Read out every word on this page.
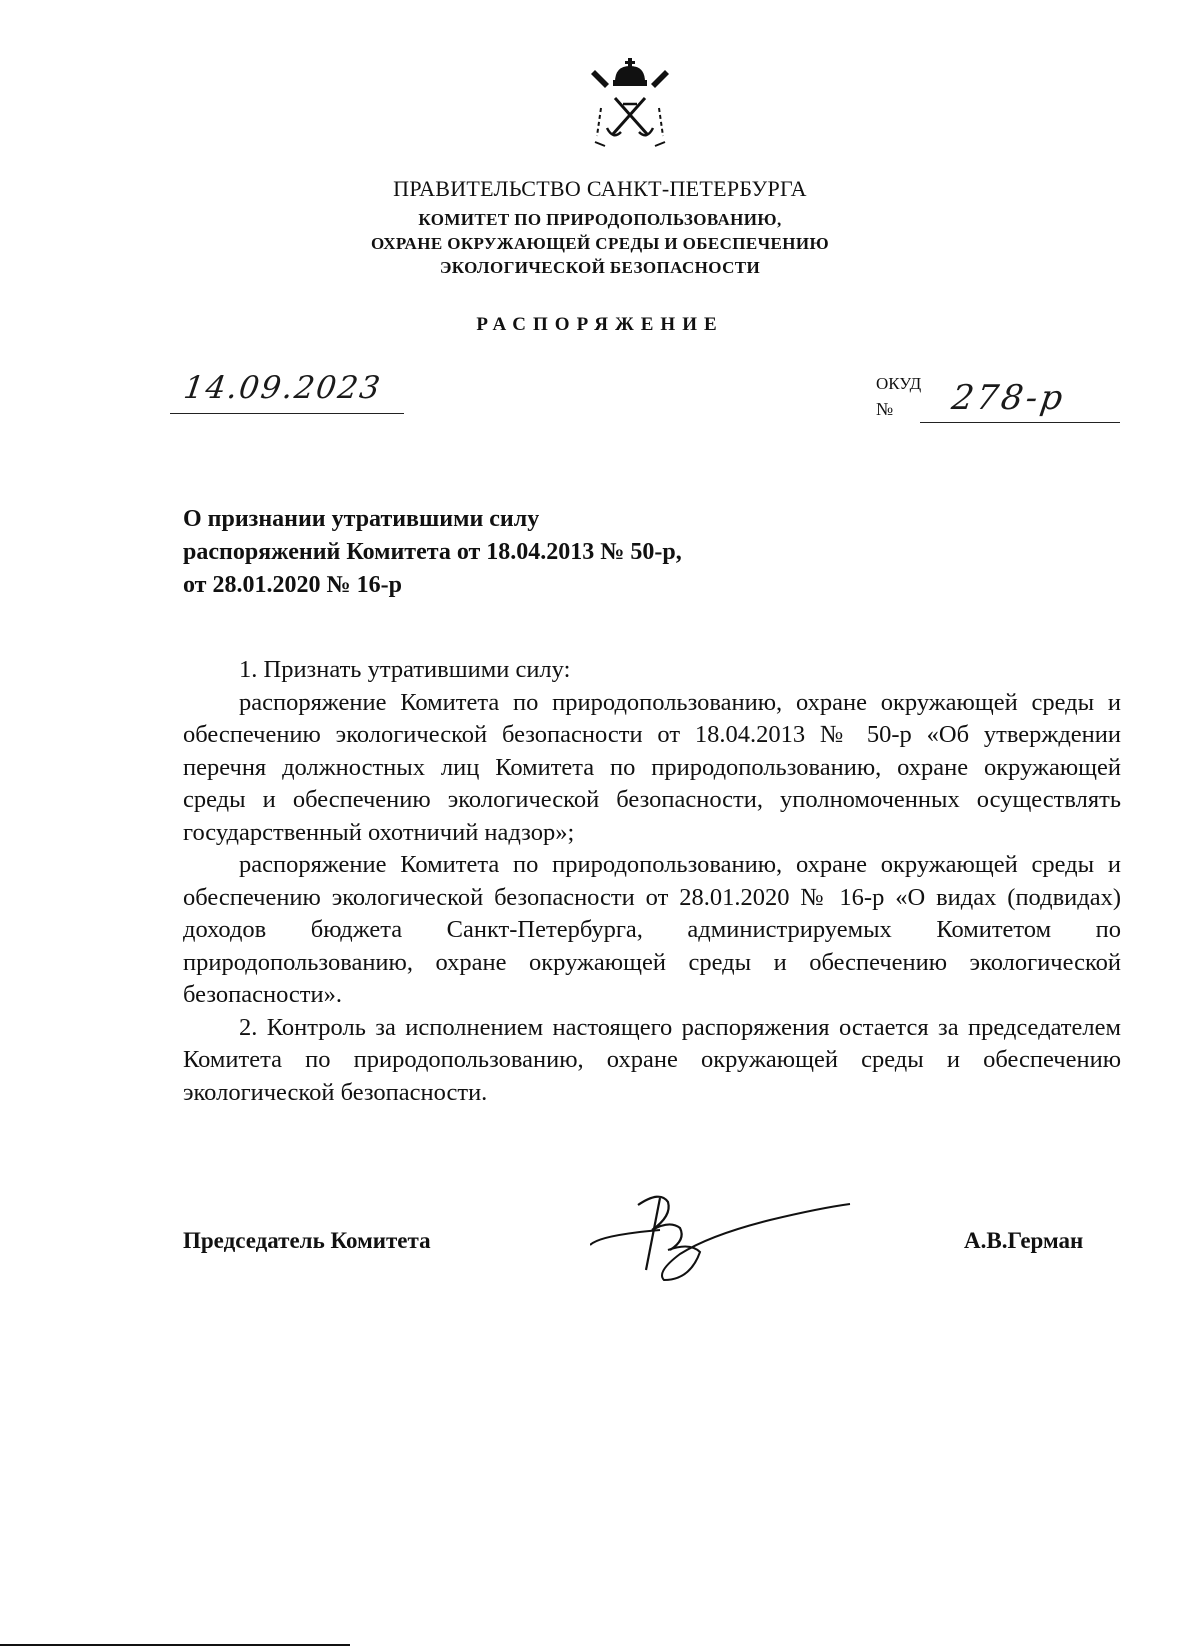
ПРАВИТЕЛЬСТВО САНКТ-ПЕТЕРБУРГА

КОМИТЕТ ПО ПРИРОДОПОЛЬЗОВАНИЮ,

ОХРАНЕ ОКРУЖАЮЩЕЙ СРЕДЫ И ОБЕСПЕЧЕНИЮ

ЭКОЛОГИЧЕСКОЙ БЕЗОПАСНОСТИ

РАСПОРЯЖЕНИЕ

14.09.2023	ОКУД
№ 278-р
О признании утратившими силу
распоряжений Комитета от 18.04.2013 № 50-р,
от 28.01.2020 № 16-р

1. Признать утратившими силу:

распоряжение Комитета по природопользованию, охране окружающей среды и обеспечению экологической безопасности от 18.04.2013 № 50-р «Об утверждении перечня должностных лиц Комитета по природопользованию, охране окружающей среды и обеспечению экологической безопасности, уполномоченных осуществлять государственный охотничий надзор»;

распоряжение Комитета по природопользованию, охране окружающей среды и обеспечению экологической безопасности от 28.01.2020 № 16-р «О видах (подвидах) доходов бюджета Санкт-Петербурга, администрируемых Комитетом по природопользованию, охране окружающей среды и обеспечению экологической безопасности».

2. Контроль за исполнением настоящего распоряжения остается за председателем Комитета по природопользованию, охране окружающей среды и обеспечению экологической безопасности.

Председатель Комитета	А.В.Герман
